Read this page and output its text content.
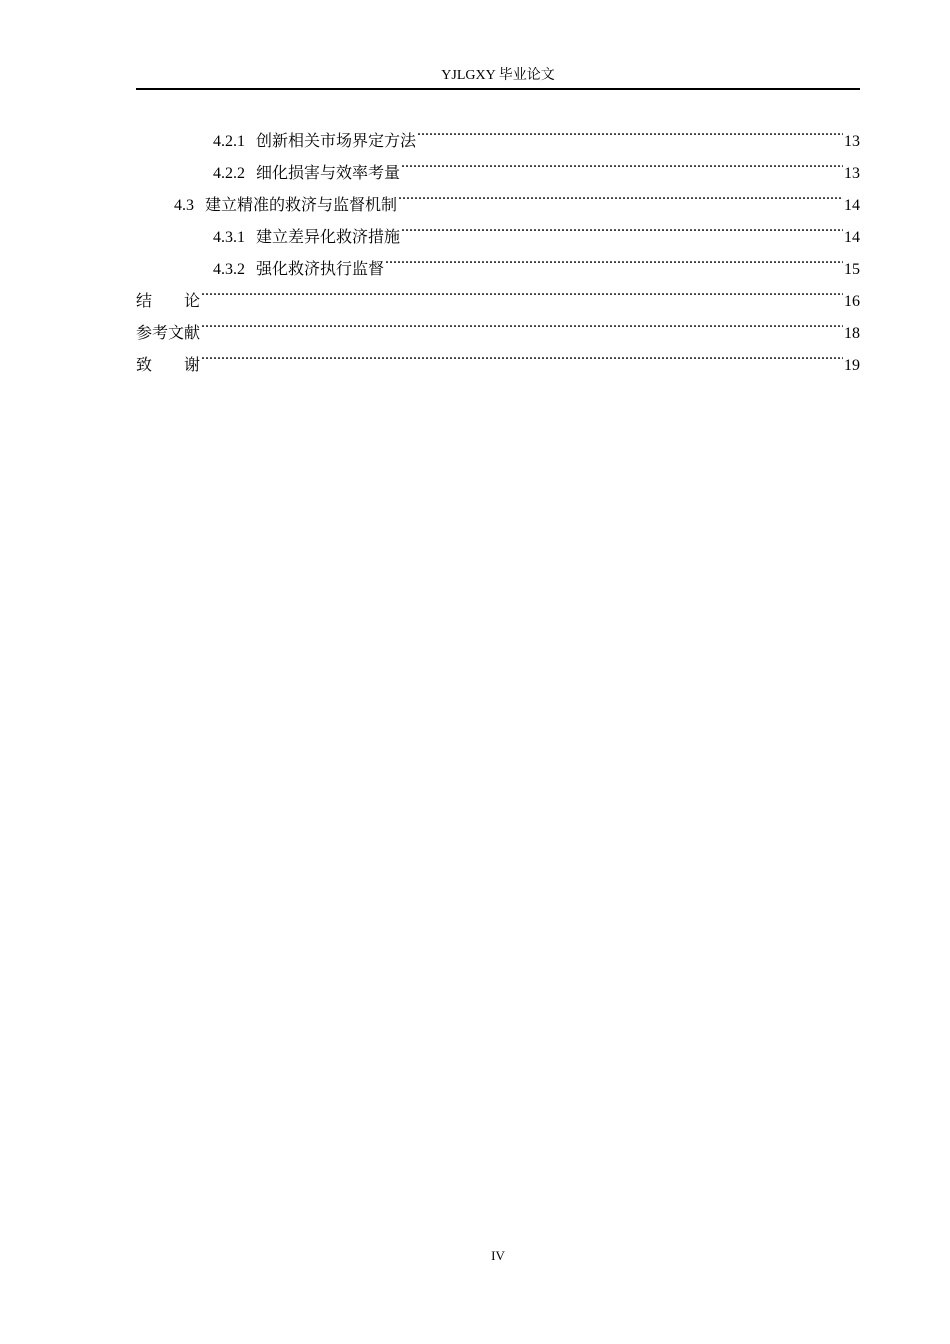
YJLGXY 毕业论文
4.2.1 创新相关市场界定方法 .....	13
4.2.2 细化损害与效率考量 .....	13
4.3 建立精准的救济与监督机制 .....	14
4.3.1 建立差异化救济措施 .....	14
4.3.2 强化救济执行监督 .....	15
结　　论 .....	16
参考文献 .....	18
致　　谢 .....	19
IV
